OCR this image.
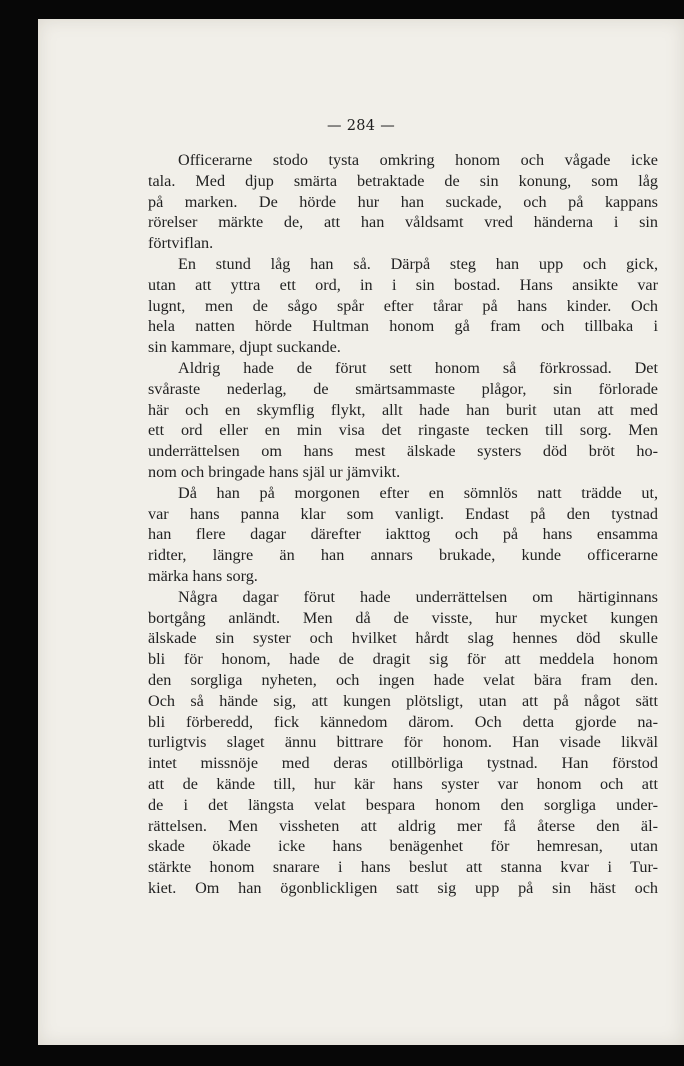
— 284 —

Officerarne stodo tysta omkring honom och vågade icke
tala. Med djup smärta betraktade de sin konung, som låg
på marken. De hörde hur han suckade, och på kappans
rörelser märkte de, att han våldsamt vred händerna i sin
förtviflan.

En stund låg han så. Därpå steg han upp och gick,
utan att yttra ett ord, in i sin bostad. Hans ansikte var
lugnt, men de sågo spår efter tårar på hans kinder. Och
hela natten hörde Hultman honom gå fram och tillbaka i
sin kammare, djupt suckande.

Aldrig hade de förut sett honom så förkrossad. Det
svåraste nederlag, de smärtsammaste plågor, sin förlorade
här och en skymflig flykt, allt hade han burit utan att med
ett ord eller en min visa det ringaste tecken till sorg. Men
underrättelsen om hans mest älskade systers död bröt ho-
nom och bringade hans själ ur jämvikt.

Då han på morgonen efter en sömnlös natt trädde ut,
var hans panna klar som vanligt. Endast på den tystnad
han flere dagar därefter iakttog och på hans ensamma
ridter, längre än han annars brukade, kunde officerarne
märka hans sorg.

Några dagar förut hade underrättelsen om härtiginnans
bortgång anländt. Men då de visste, hur mycket kungen
älskade sin syster och hvilket hårdt slag hennes död skulle
bli för honom, hade de dragit sig för att meddela honom
den sorgliga nyheten, och ingen hade velat bära fram den.
Och så hände sig, att kungen plötsligt, utan att på något sätt
bli förberedd, fick kännedom därom. Och detta gjorde na-
turligtvis slaget ännu bittrare för honom. Han visade likväl
intet missnöje med deras otillbörliga tystnad. Han förstod
att de kände till, hur kär hans syster var honom och att
de i det längsta velat bespara honom den sorgliga under-
rättelsen. Men vissheten att aldrig mer få återse den äl-
skade ökade icke hans benägenhet för hemresan, utan
stärkte honom snarare i hans beslut att stanna kvar i Tur-
kiet. Om han ögonblickligen satt sig upp på sin häst och
